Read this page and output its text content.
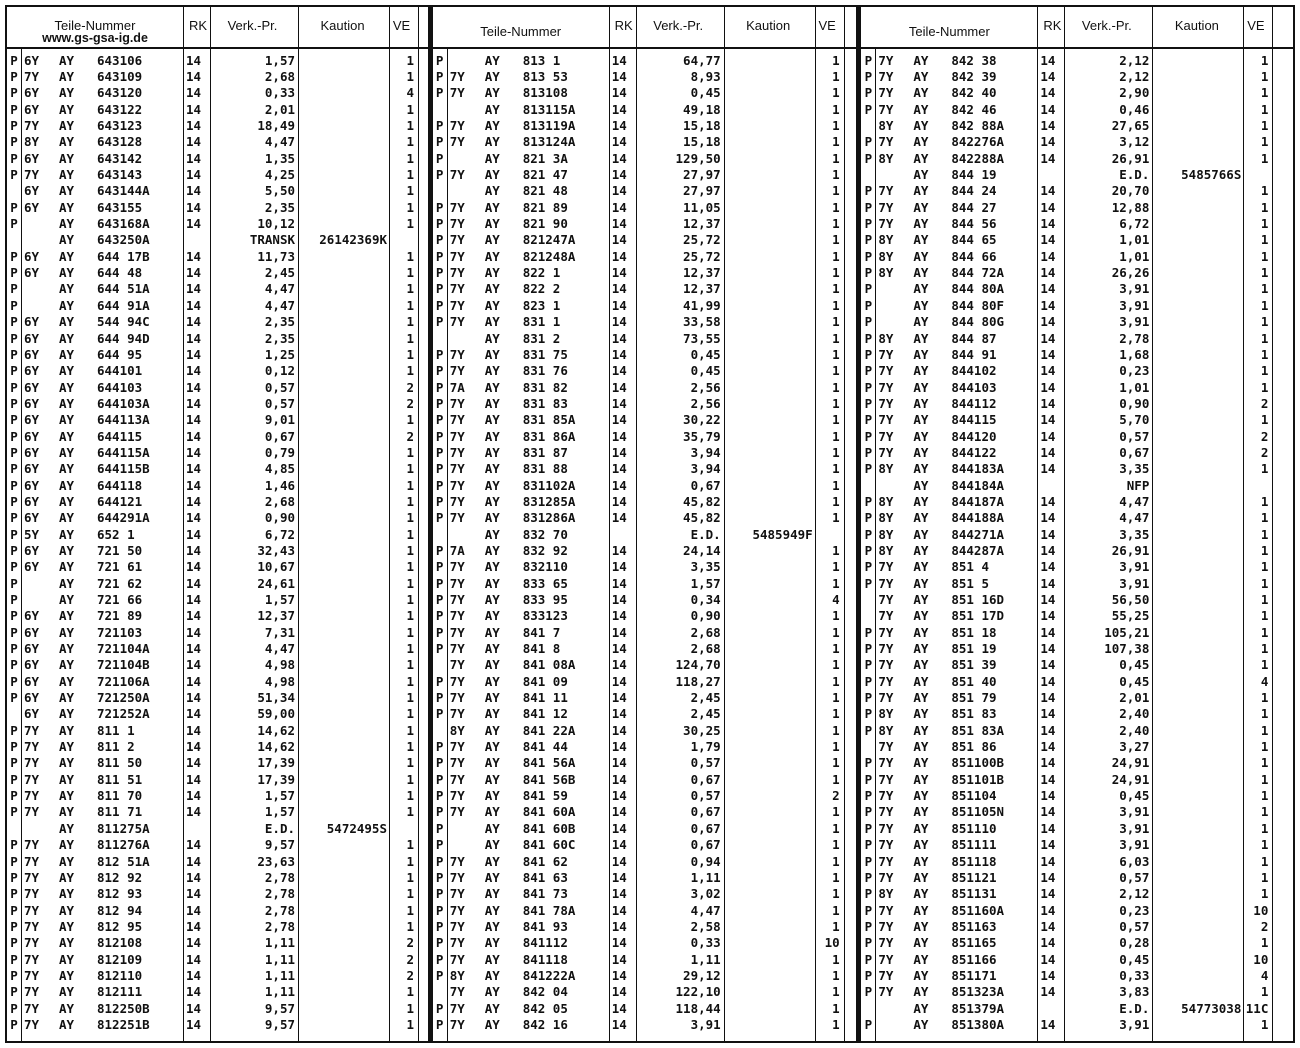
Teile-Nummer
www.gs-gsa-ig.de
RK	Verk.-Pr.	Kaution	VE
P 6Y	AY	643106	14	1,57	1
P 7Y	AY	643109	14	2,68	1
P 6Y	AY	643120	14	0,33	4
P 6Y	AY	643122	14	2,01	1
P 7Y	AY	643123	14	18,49	1
P 8Y	AY	643128	14	4,47	1
P 6Y	AY	643142	14	1,35	1
P 7Y	AY	643143	14	4,25	1
6Y	AY	643144A	14	5,50	1
P 6Y	AY	643155	14	2,35	1
P	AY	643168A	14	10,12	1
AY	643250A	TRANSK	26142369K
P 6Y	AY	644 17B	14	11,73	1
P 6Y	AY	644 48	14	2,45	1
P	AY	644 51A	14	4,47	1
P	AY	644 91A	14	4,47	1
P 6Y	AY	544 94C	14	2,35	1
P 6Y	AY	644 94D	14	2,35	1
P 6Y	AY	644 95	14	1,25	1
P 6Y	AY	644101	14	0,12	1
P 6Y	AY	644103	14	0,57	2
P 6Y	AY	644103A	14	0,57	2
P 6Y	AY	644113A	14	9,01	1
P 6Y	AY	644115	14	0,67	2
P 6Y	AY	644115A	14	0,79	1
P 6Y	AY	644115B	14	4,85	1
P 6Y	AY	644118	14	1,46	1
P 6Y	AY	644121	14	2,68	1
P 6Y	AY	644291A	14	0,90	1
P 5Y	AY	652 1	14	6,72	1
P 6Y	AY	721 50	14	32,43	1
P 6Y	AY	721 61	14	10,67	1
P	AY	721 62	14	24,61	1
P	AY	721 66	14	1,57	1
P 6Y	AY	721 89	14	12,37	1
P 6Y	AY	721103	14	7,31	1
P 6Y	AY	721104A	14	4,47	1
P 6Y	AY	721104B	14	4,98	1
P 6Y	AY	721106A	14	4,98	1
P 6Y	AY	721250A	14	51,34	1
6Y	AY	721252A	14	59,00	1
P 7Y	AY	811 1	14	14,62	1
P 7Y	AY	811 2	14	14,62	1
P 7Y	AY	811 50	14	17,39	1
P 7Y	AY	811 51	14	17,39	1
P 7Y	AY	811 70	14	1,57	1
P 7Y	AY	811 71	14	1,57	1
AY	811275A	E.D.	5472495S
P 7Y	AY	811276A	14	9,57	1
P 7Y	AY	812 51A	14	23,63	1
P 7Y	AY	812 92	14	2,78	1
P 7Y	AY	812 93	14	2,78	1
P 7Y	AY	812 94	14	2,78	1
P 7Y	AY	812 95	14	2,78	1
P 7Y	AY	812108	14	1,11	2
P 7Y	AY	812109	14	1,11	2
P 7Y	AY	812110	14	1,11	2
P 7Y	AY	812111	14	1,11	1
P 7Y	AY	812250B	14	9,57	1
P 7Y	AY	812251B	14	9,57	1
Teile-Nummer	RK	Verk.-Pr.	Kaution	VE
P	AY	813 1	14	64,77	1
P 7Y	AY	813 53	14	8,93	1
P 7Y	AY	813108	14	0,45	1
AY	813115A	14	49,18	1
P 7Y	AY	813119A	14	15,18	1
P 7Y	AY	813124A	14	15,18	1
P	AY	821 3A	14	129,50	1
P 7Y	AY	821 47	14	27,97	1
AY	821 48	14	27,97	1
P 7Y	AY	821 89	14	11,05	1
P 7Y	AY	821 90	14	12,37	1
P 7Y	AY	821247A	14	25,72	1
P 7Y	AY	821248A	14	25,72	1
P 7Y	AY	822 1	14	12,37	1
P 7Y	AY	822 2	14	12,37	1
P 7Y	AY	823 1	14	41,99	1
P 7Y	AY	831 1	14	33,58	1
AY	831 2	14	73,55	1
P 7Y	AY	831 75	14	0,45	1
P 7Y	AY	831 76	14	0,45	1
P 7A	AY	831 82	14	2,56	1
P 7Y	AY	831 83	14	2,56	1
P 7Y	AY	831 85A	14	30,22	1
P 7Y	AY	831 86A	14	35,79	1
P 7Y	AY	831 87	14	3,94	1
P 7Y	AY	831 88	14	3,94	1
P 7Y	AY	831102A	14	0,67	1
P 7Y	AY	831285A	14	45,82	1
P 7Y	AY	831286A	14	45,82	1
AY	832 70	E.D.	5485949F
P 7A	AY	832 92	14	24,14	1
P 7Y	AY	832110	14	3,35	1
P 7Y	AY	833 65	14	1,57	1
P 7Y	AY	833 95	14	0,34	4
P 7Y	AY	833123	14	0,90	1
P 7Y	AY	841 7	14	2,68	1
P 7Y	AY	841 8	14	2,68	1
7Y	AY	841 08A	14	124,70	1
P 7Y	AY	841 09	14	118,27	1
P 7Y	AY	841 11	14	2,45	1
P 7Y	AY	841 12	14	2,45	1
8Y	AY	841 22A	14	30,25	1
P 7Y	AY	841 44	14	1,79	1
P 7Y	AY	841 56A	14	0,57	1
P 7Y	AY	841 56B	14	0,67	1
P 7Y	AY	841 59	14	0,57	2
P 7Y	AY	841 60A	14	0,67	1
P	AY	841 60B	14	0,67	1
P	AY	841 60C	14	0,67	1
P 7Y	AY	841 62	14	0,94	1
P 7Y	AY	841 63	14	1,11	1
P 7Y	AY	841 73	14	3,02	1
P 7Y	AY	841 78A	14	4,47	1
P 7Y	AY	841 93	14	2,58	1
P 7Y	AY	841112	14	0,33	10
P 7Y	AY	841118	14	1,11	1
P 8Y	AY	841222A	14	29,12	1
7Y	AY	842 04	14	122,10	1
P 7Y	AY	842 05	14	118,44	1
P 7Y	AY	842 16	14	3,91	1
Teile-Nummer	RK	Verk.-Pr.	Kaution	VE
P 7Y	AY	842 38	14	2,12	1
P 7Y	AY	842 39	14	2,12	1
P 7Y	AY	842 40	14	2,90	1
P 7Y	AY	842 46	14	0,46	1
8Y	AY	842 88A	14	27,65	1
P 7Y	AY	842276A	14	3,12	1
P 8Y	AY	842288A	14	26,91	1
AY	844 19	E.D.	5485766S
P 7Y	AY	844 24	14	20,70	1
P 7Y	AY	844 27	14	12,88	1
P 7Y	AY	844 56	14	6,72	1
P 8Y	AY	844 65	14	1,01	1
P 8Y	AY	844 66	14	1,01	1
P 8Y	AY	844 72A	14	26,26	1
P	AY	844 80A	14	3,91	1
P	AY	844 80F	14	3,91	1
P	AY	844 80G	14	3,91	1
P 8Y	AY	844 87	14	2,78	1
P 7Y	AY	844 91	14	1,68	1
P 7Y	AY	844102	14	0,23	1
P 7Y	AY	844103	14	1,01	1
P 7Y	AY	844112	14	0,90	2
P 7Y	AY	844115	14	5,70	1
P 7Y	AY	844120	14	0,57	2
P 7Y	AY	844122	14	0,67	2
P 8Y	AY	844183A	14	3,35	1
AY	844184A	NFP
P 8Y	AY	844187A	14	4,47	1
P 8Y	AY	844188A	14	4,47	1
P 8Y	AY	844271A	14	3,35	1
P 8Y	AY	844287A	14	26,91	1
P 7Y	AY	851 4	14	3,91	1
P 7Y	AY	851 5	14	3,91	1
7Y	AY	851 16D	14	56,50	1
7Y	AY	851 17D	14	55,25	1
P 7Y	AY	851 18	14	105,21	1
P 7Y	AY	851 19	14	107,38	1
P 7Y	AY	851 39	14	0,45	1
P 7Y	AY	851 40	14	0,45	4
P 7Y	AY	851 79	14	2,01	1
P 8Y	AY	851 83	14	2,40	1
P 8Y	AY	851 83A	14	2,40	1
7Y	AY	851 86	14	3,27	1
P 7Y	AY	851100B	14	24,91	1
P 7Y	AY	851101B	14	24,91	1
P 7Y	AY	851104	14	0,45	1
P 7Y	AY	851105N	14	3,91	1
P 7Y	AY	851110	14	3,91	1
P 7Y	AY	851111	14	3,91	1
P 7Y	AY	851118	14	6,03	1
P 7Y	AY	851121	14	0,57	1
P 8Y	AY	851131	14	2,12	1
P 7Y	AY	851160A	14	0,23	10
P 7Y	AY	851163	14	0,57	2
P 7Y	AY	851165	14	0,28	1
P 7Y	AY	851166	14	0,45	10
P 7Y	AY	851171	14	0,33	4
P 7Y	AY	851323A	14	3,83	1
AY	851379A	E.D.	54773038 11C
P	AY	851380A	14	3,91	1
